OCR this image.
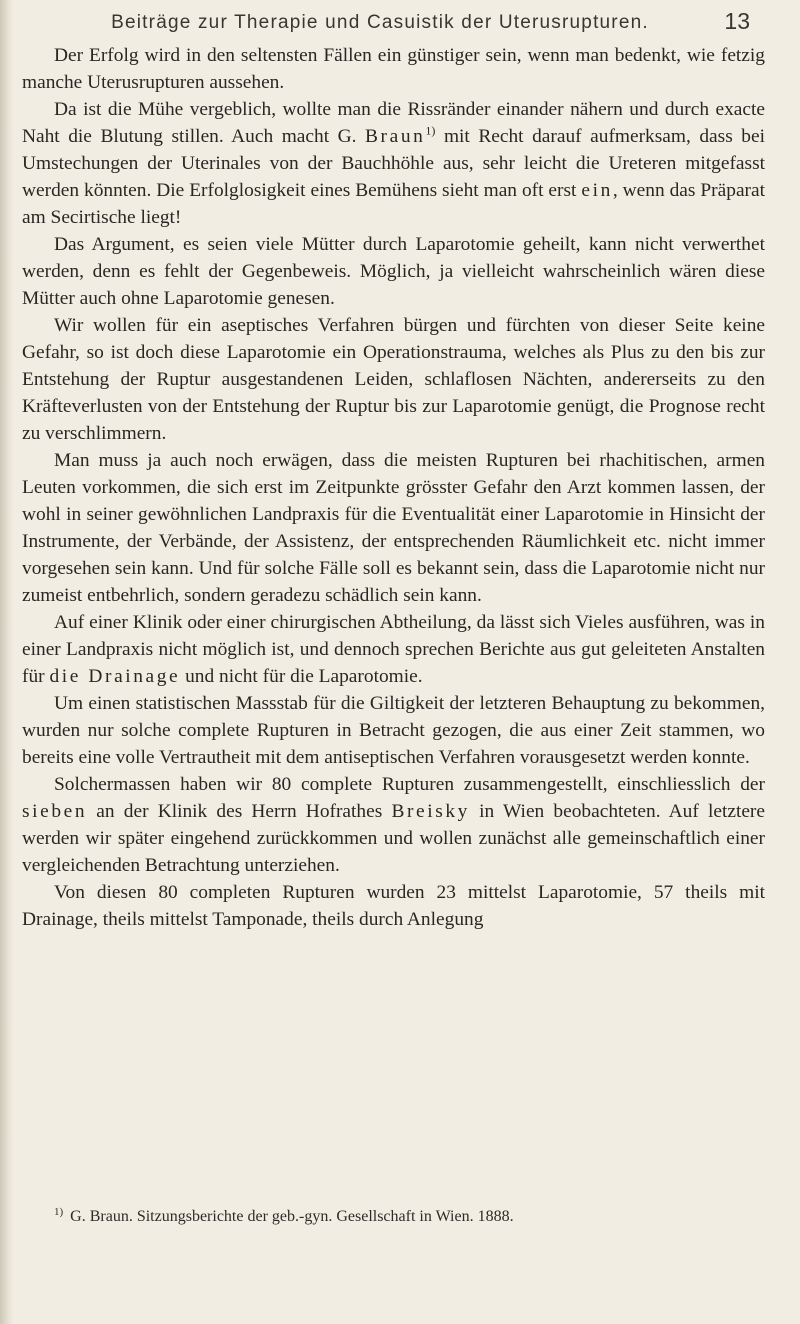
Beiträge zur Therapie und Casuistik der Uterusrupturen.	13

Der Erfolg wird in den seltensten Fällen ein günstiger sein, wenn man bedenkt, wie fetzig manche Uterusrupturen aussehen.

Da ist die Mühe vergeblich, wollte man die Rissränder einander nähern und durch exacte Naht die Blutung stillen. Auch macht G. Braun$^{1)}$ mit Recht darauf aufmerksam, dass bei Umstechungen der Uterinales von der Bauchhöhle aus, sehr leicht die Ureteren mitgefasst werden könnten. Die Erfolglosigkeit eines Bemühens sieht man oft erst ein, wenn das Präparat am Secirtische liegt!

Das Argument, es seien viele Mütter durch Laparotomie geheilt, kann nicht verwerthet werden, denn es fehlt der Gegenbeweis. Möglich, ja vielleicht wahrscheinlich wären diese Mütter auch ohne Laparotomie genesen.

Wir wollen für ein aseptisches Verfahren bürgen und fürchten von dieser Seite keine Gefahr, so ist doch diese Laparotomie ein Operationstrauma, welches als Plus zu den bis zur Entstehung der Ruptur ausgestandenen Leiden, schlaflosen Nächten, andererseits zu den Kräfteverlusten von der Entstehung der Ruptur bis zur Laparotomie genügt, die Prognose recht zu verschlimmern.

Man muss ja auch noch erwägen, dass die meisten Rupturen bei rhachitischen, armen Leuten vorkommen, die sich erst im Zeitpunkte grösster Gefahr den Arzt kommen lassen, der wohl in seiner gewöhnlichen Landpraxis für die Eventualität einer Laparotomie in Hinsicht der Instrumente, der Verbände, der Assistenz, der entsprechenden Räumlichkeit etc. nicht immer vorgesehen sein kann. Und für solche Fälle soll es bekannt sein, dass die Laparotomie nicht nur zumeist entbehrlich, sondern geradezu schädlich sein kann.

Auf einer Klinik oder einer chirurgischen Abtheilung, da lässt sich Vieles ausführen, was in einer Landpraxis nicht möglich ist, und dennoch sprechen Berichte aus gut geleiteten Anstalten für die Drainage und nicht für die Laparotomie.

Um einen statistischen Massstab für die Giltigkeit der letzteren Behauptung zu bekommen, wurden nur solche complete Rupturen in Betracht gezogen, die aus einer Zeit stammen, wo bereits eine volle Vertrautheit mit dem antiseptischen Verfahren vorausgesetzt werden konnte.

Solchermassen haben wir 80 complete Rupturen zusammengestellt, einschliesslich der sieben an der Klinik des Herrn Hofrathes Breisky in Wien beobachteten. Auf letztere werden wir später eingehend zurückkommen und wollen zunächst alle gemeinschaftlich einer vergleichenden Betrachtung unterziehen.

Von diesen 80 completen Rupturen wurden 23 mittelst Laparotomie, 57 theils mit Drainage, theils mittelst Tamponade, theils durch Anlegung

$^{1)}$ G. Braun. Sitzungsberichte der geb.-gyn. Gesellschaft in Wien. 1888.
